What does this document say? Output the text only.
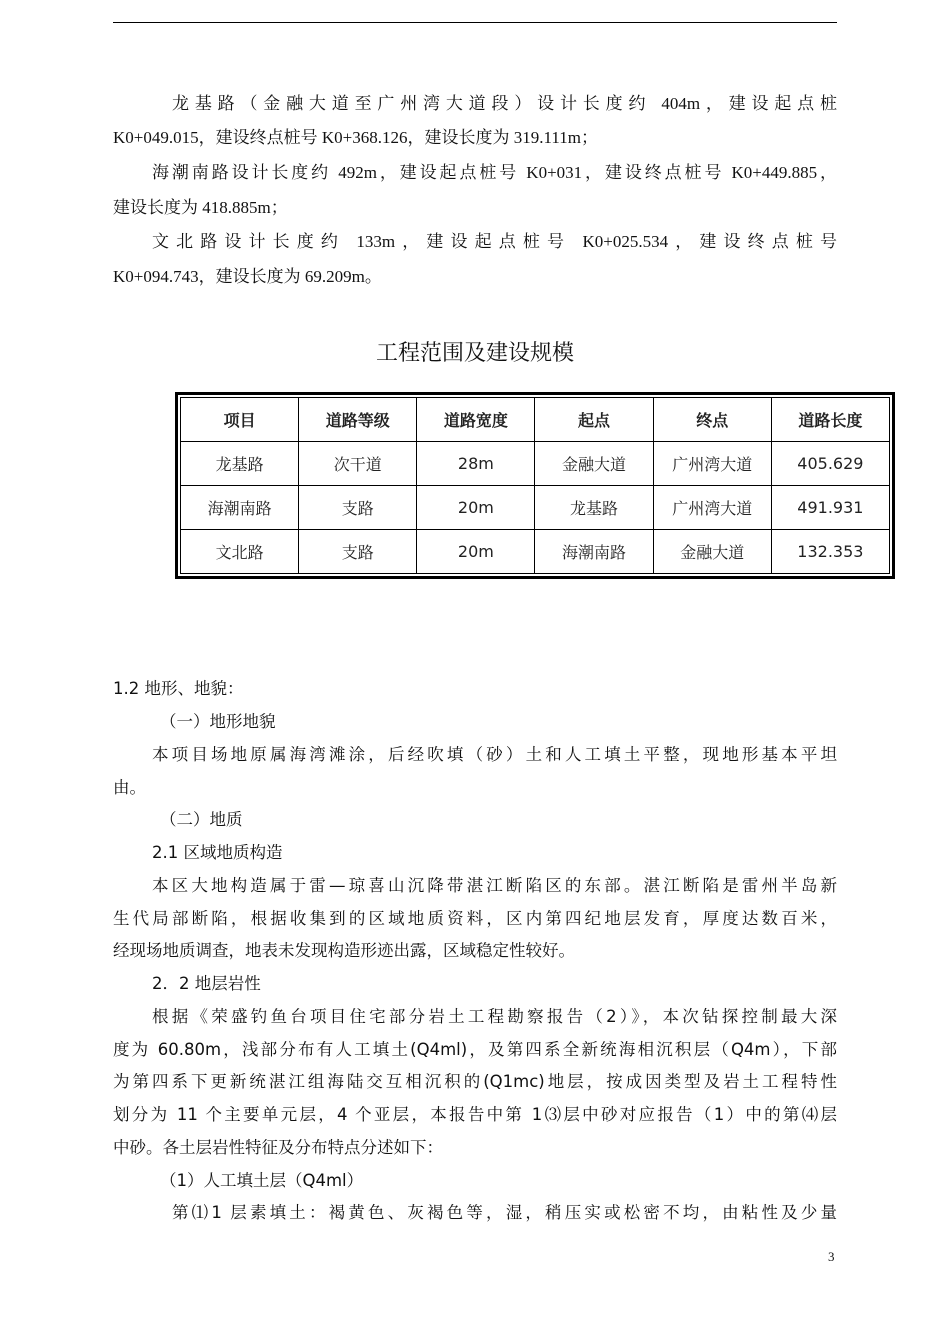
龙基路（金融大道至广州湾大道段）设计长度约 404m，建设起点桩
K0+049.015，建设终点桩号 K0+368.126，建设长度为 319.111m；
海潮南路设计长度约 492m，建设起点桩号 K0+031，建设终点桩号 K0+449.885，
建设长度为 418.885m；
文北路设计长度约 133m，建设起点桩号 K0+025.534，建设终点桩号
K0+094.743，建设长度为 69.209m。
工程范围及建设规模
项目	道路等级	道路宽度	起点	终点	道路长度
龙基路	次干道	28m	金融大道	广州湾大道	405.629
海潮南路	支路	20m	龙基路	广州湾大道	491.931
文北路	支路	20m	海潮南路	金融大道	132.353
1.2 地形、地貌：
（一）地形地貌
本项目场地原属海湾滩涂，后经吹填（砂）土和人工填土平整，现地形基本平坦
由。
（二）地质
2.1 区域地质构造
本区大地构造属于雷—琼喜山沉降带湛江断陷区的东部。湛江断陷是雷州半岛新
生代局部断陷，根据收集到的区域地质资料，区内第四纪地层发育，厚度达数百米，
经现场地质调查，地表未发现构造形迹出露，区域稳定性较好。
2．2 地层岩性
根据《荣盛钓鱼台项目住宅部分岩土工程勘察报告（2）》，本次钻探控制最大深
度为 60.80m，浅部分布有人工填土(Q4ml)，及第四系全新统海相沉积层（Q4m），下部
为第四系下更新统湛江组海陆交互相沉积的(Q1mc)地层，按成因类型及岩土工程特性
划分为 11 个主要单元层，4 个亚层，本报告中第 1⑶层中砂对应报告（1）中的第⑷层
中砂。各土层岩性特征及分布特点分述如下：
（1）人工填土层（Q4ml）
第⑴1 层素填土：褐黄色、灰褐色等，湿，稍压实或松密不均，由粘性及少量
3
